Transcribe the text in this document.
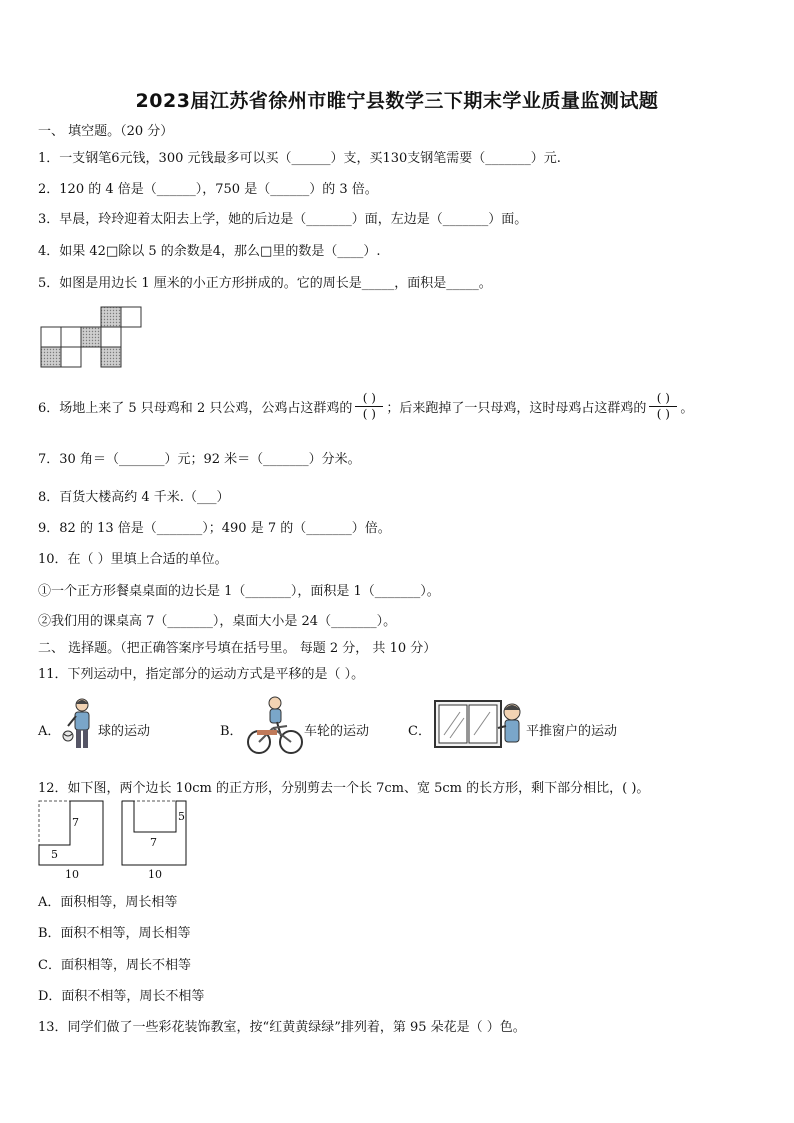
2023届江苏省徐州市睢宁县数学三下期末学业质量监测试题
一、 填空题。（20 分）
1．一支钢笔6元钱，300 元钱最多可以买（______）支，买130支钢笔需要（_______）元.
2．120 的 4 倍是（______），750 是（______）的 3 倍。
3．早晨，玲玲迎着太阳去上学，她的后边是（_______）面，左边是（_______）面。
4．如果 42□除以 5 的余数是4，那么□里的数是（____）.
5．如图是用边长 1 厘米的小正方形拼成的。它的周长是_____，面积是_____。
6．场地上来了 5 只母鸡和 2 只公鸡，公鸡占这群鸡的 $\frac{( )}{( )}$ ；后来跑掉了一只母鸡，这时母鸡占这群鸡的 $\frac{( )}{( )}$ 。
7．30 角＝（_______）元；92 米＝（_______）分米。
8．百货大楼高约 4 千米.（___）
9．82 的 13 倍是（_______）；490 是 7 的（_______）倍。
10．在（ ）里填上合适的单位。
①一个正方形餐桌桌面的边长是 1（_______），面积是 1（_______）。
②我们用的课桌高 7（_______），桌面大小是 24（_______）。
二、 选择题。（把正确答案序号填在括号里。 每题 2 分， 共 10 分）
11．下列运动中，指定部分的运动方式是平移的是（ ）。
A．	球的运动	B．	车轮的运动	C．	平推窗户的运动
12．如下图，两个边长 10cm 的正方形，分别剪去一个长 7cm、宽 5cm 的长方形，剩下部分相比，( )。
7
5
10
5
7
10
A．面积相等，周长相等
B．面积不相等，周长相等
C．面积相等，周长不相等
D．面积不相等，周长不相等
13．同学们做了一些彩花装饰教室，按“红黄黄绿绿”排列着，第 95 朵花是（ ）色。
